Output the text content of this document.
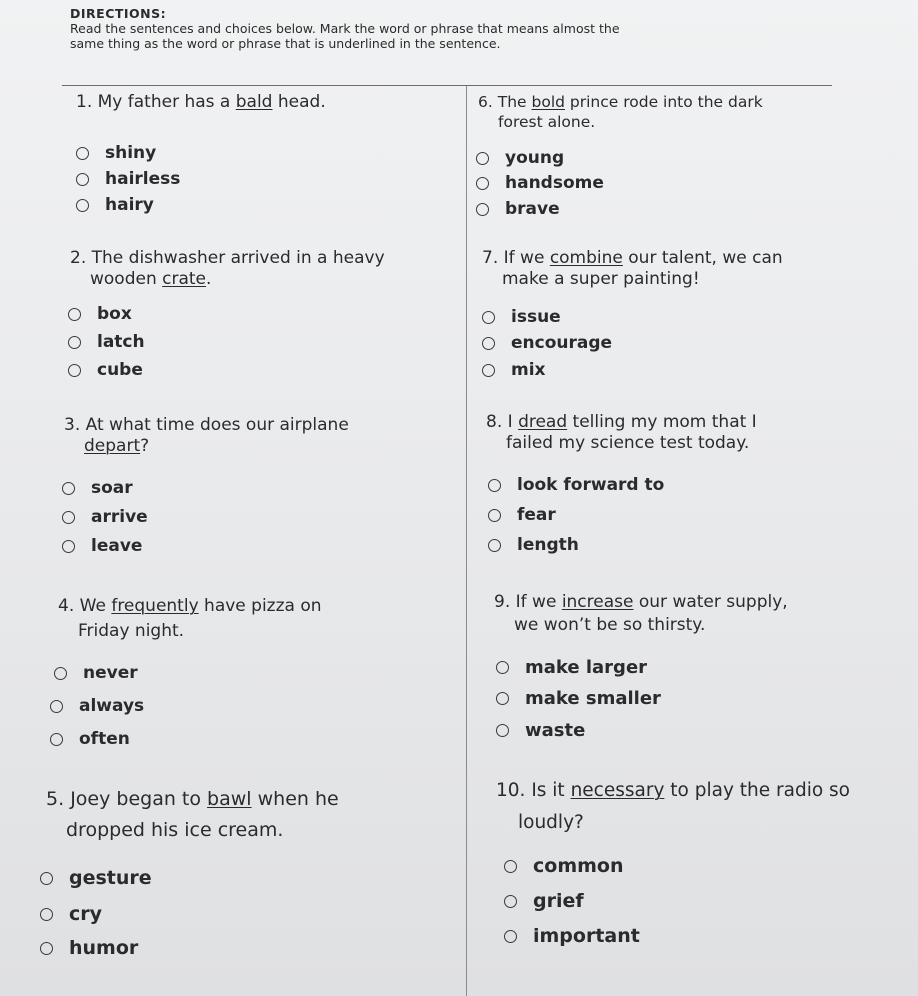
DIRECTIONS:
Read the sentences and choices below. Mark the word or phrase that means almost the
same thing as the word or phrase that is underlined in the sentence.
1. My father has a bald head.
shiny
hairless
hairy
2. The dishwasher arrived in a heavy
wooden crate.
box
latch
cube
3. At what time does our airplane
depart?
soar
arrive
leave
4. We frequently have pizza on
Friday night.
never
always
often
5. Joey began to bawl when he
dropped his ice cream.
gesture
cry
humor
6. The bold prince rode into the dark
forest alone.
young
handsome
brave
7. If we combine our talent, we can
make a super painting!
issue
encourage
mix
8. I dread telling my mom that I
failed my science test today.
look forward to
fear
length
9. If we increase our water supply,
we won’t be so thirsty.
make larger
make smaller
waste
10. Is it necessary to play the radio so
loudly?
common
grief
important
